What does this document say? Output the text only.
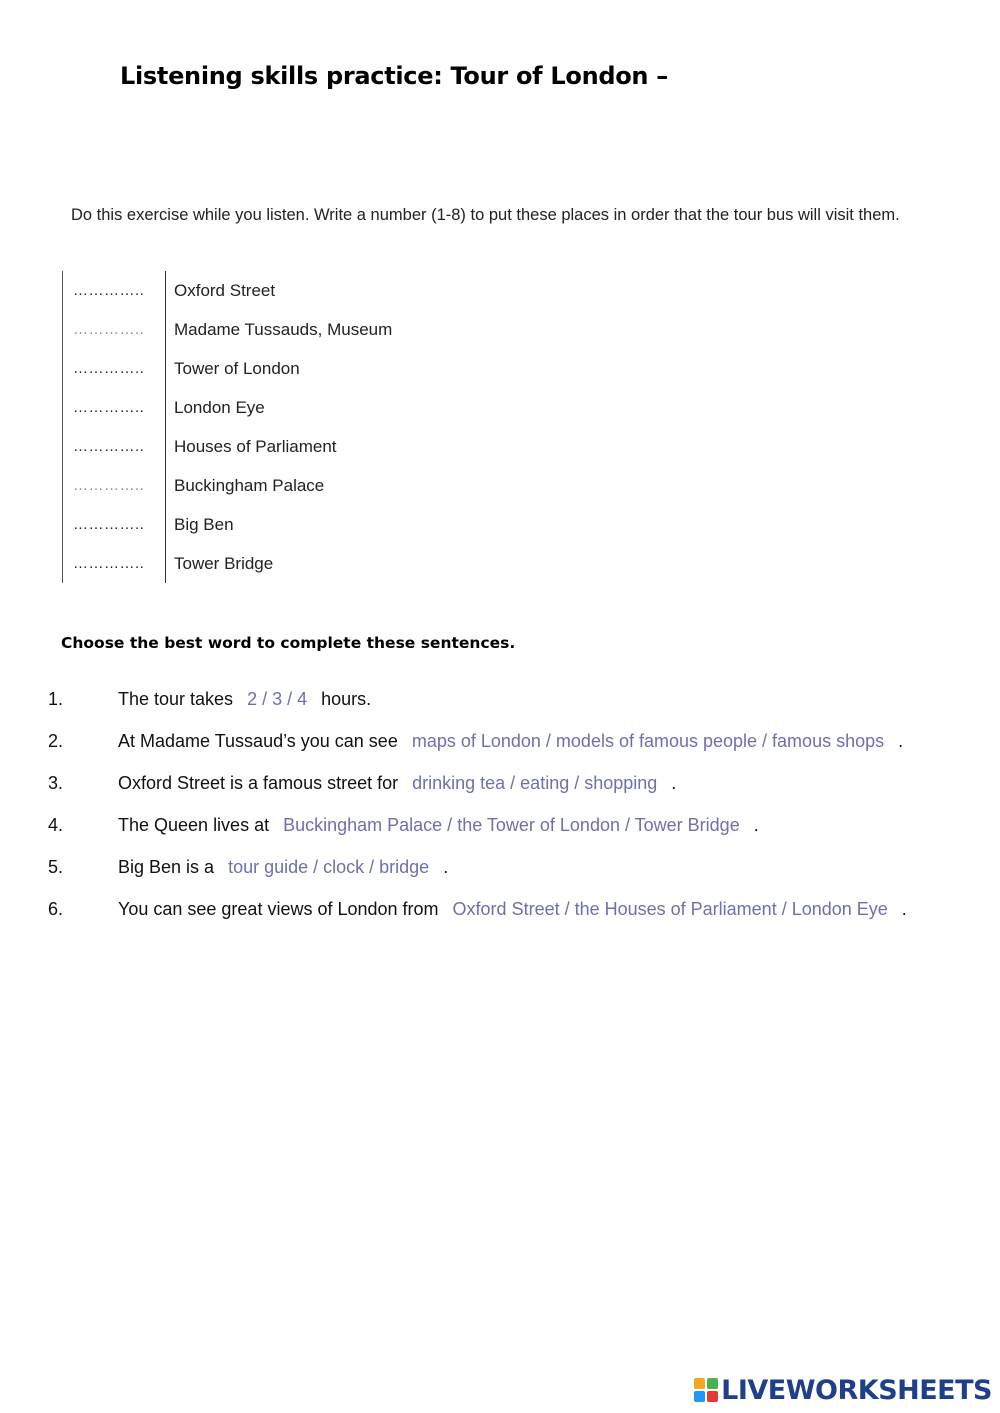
Listening skills practice: Tour of London –
Do this exercise while you listen. Write a number (1-8) to put these places in order that the tour bus will visit them.
…………..	Oxford Street
…………..	Madame Tussauds, Museum
…………..	Tower of London
…………..	London Eye
…………..	Houses of Parliament
…………..	Buckingham Palace
…………..	Big Ben
…………..	Tower Bridge
Choose the best word to complete these sentences.
1.	The tour takes 2 / 3 / 4 hours.
2.	At Madame Tussaud’s you can see maps of London / models of famous people / famous shops .
3.	Oxford Street is a famous street for drinking tea / eating / shopping .
4.	The Queen lives at Buckingham Palace / the Tower of London / Tower Bridge .
5.	Big Ben is a tour guide / clock / bridge .
6.	You can see great views of London from Oxford Street / the Houses of Parliament / London Eye .
LIVEWORKSHEETS
